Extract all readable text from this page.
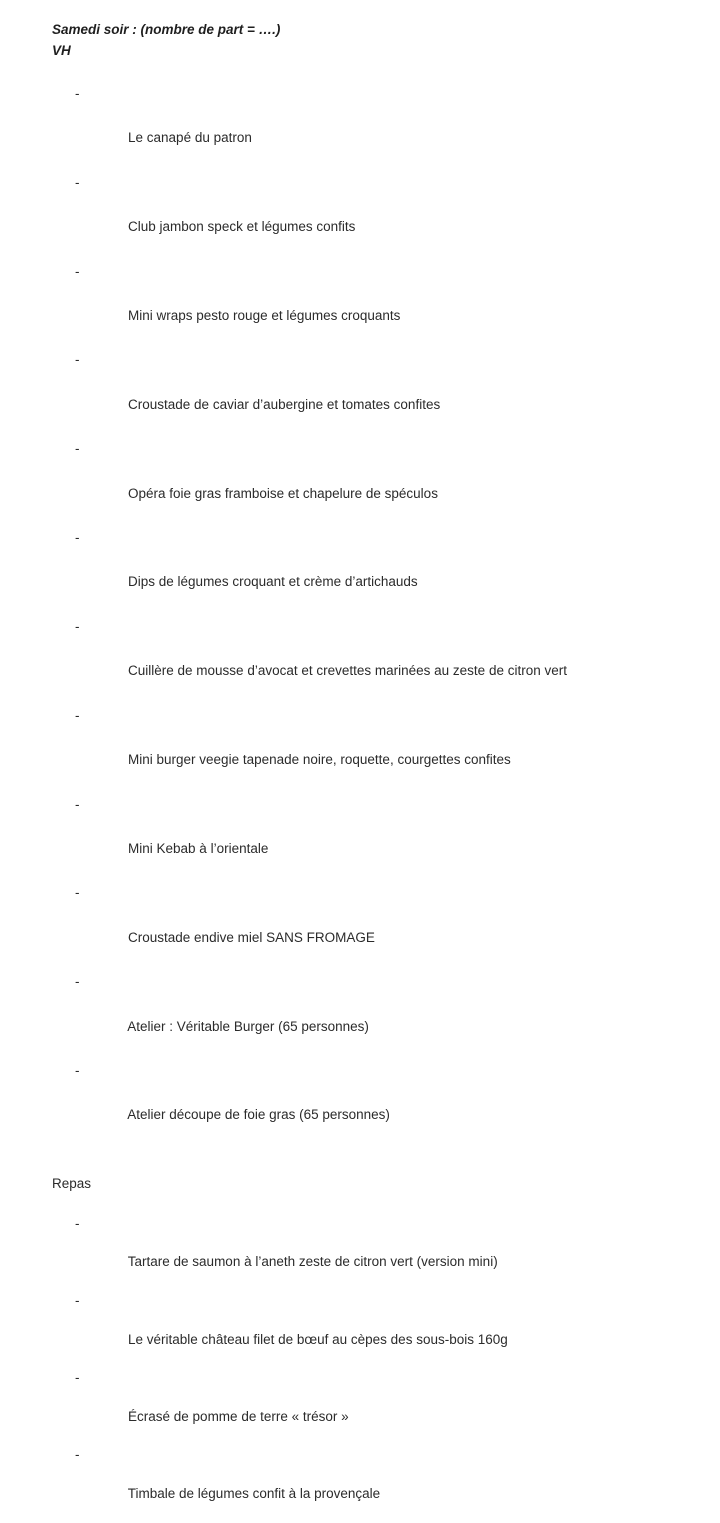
Samedi soir : (nombre de part = ….)
VH

-

Le canapé du patron

-

Club jambon speck et légumes confits

-

Mini wraps pesto rouge et légumes croquants

-

Croustade de caviar d’aubergine et tomates confites

-

Opéra foie gras framboise et chapelure de spéculos

-

Dips de légumes croquant et crème d’artichauds

-

Cuillère de mousse d’avocat et crevettes marinées au zeste de citron vert

-

Mini burger veegie tapenade noire, roquette, courgettes confites

-

Mini Kebab à l’orientale

-

Croustade endive miel SANS FROMAGE

-

Atelier : Véritable Burger (65 personnes)

-

Atelier découpe de foie gras (65 personnes)

Repas

-

Tartare de saumon à l’aneth zeste de citron vert (version mini)

-

Le véritable château filet de bœuf au cèpes des sous-bois 160g

-

Écrasé de pomme de terre « trésor »

-

Timbale de légumes confit à la provençale
